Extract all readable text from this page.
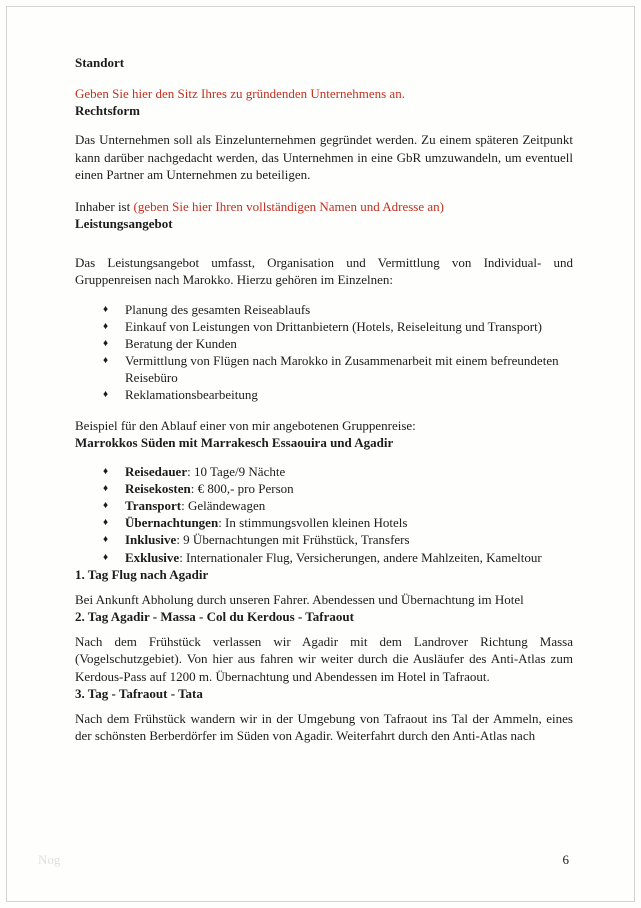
Standort

Geben Sie hier den Sitz Ihres zu gründenden Unternehmens an.

Rechtsform

Das Unternehmen soll als Einzelunternehmen gegründet werden. Zu einem späteren Zeitpunkt kann darüber nachgedacht werden, das Unternehmen in eine GbR umzuwandeln, um eventuell einen Partner am Unternehmen zu beteiligen.

Inhaber ist (geben Sie hier Ihren vollständigen Namen und Adresse an)

Leistungsangebot

Das Leistungsangebot umfasst, Organisation und Vermittlung von Individual- und Gruppenreisen nach Marokko. Hierzu gehören im Einzelnen:

♦	Planung des gesamten Reiseablaufs
♦	Einkauf von Leistungen von Drittanbietern (Hotels, Reiseleitung und Transport)
♦	Beratung der Kunden
♦	Vermittlung von Flügen nach Marokko in Zusammenarbeit mit einem befreundeten Reisebüro
♦	Reklamationsbearbeitung

Beispiel für den Ablauf einer von mir angebotenen Gruppenreise:

Marrokkos Süden mit Marrakesch Essaouira und Agadir
♦	Reisedauer: 10 Tage/9 Nächte
♦	Reisekosten: € 800,- pro Person
♦	Transport: Geländewagen
♦	Übernachtungen: In stimmungsvollen kleinen Hotels
♦	Inklusive: 9 Übernachtungen mit Frühstück, Transfers
♦	Exklusive: Internationaler Flug, Versicherungen, andere Mahlzeiten, Kameltour
1. Tag Flug nach Agadir

Bei Ankunft Abholung durch unseren Fahrer. Abendessen und Übernachtung im Hotel

2. Tag Agadir - Massa - Col du Kerdous - Tafraout

Nach dem Frühstück verlassen wir Agadir mit dem Landrover Richtung Massa (Vogelschutzgebiet). Von hier aus fahren wir weiter durch die Ausläufer des Anti-Atlas zum Kerdous-Pass auf 1200 m. Übernachtung und Abendessen im Hotel in Tafraout.

3. Tag - Tafraout - Tata

Nach dem Frühstück wandern wir in der Umgebung von Tafraout ins Tal der Ammeln, eines der schönsten Berberdörfer im Süden von Agadir. Weiterfahrt durch den Anti-Atlas nach

Nog	6
